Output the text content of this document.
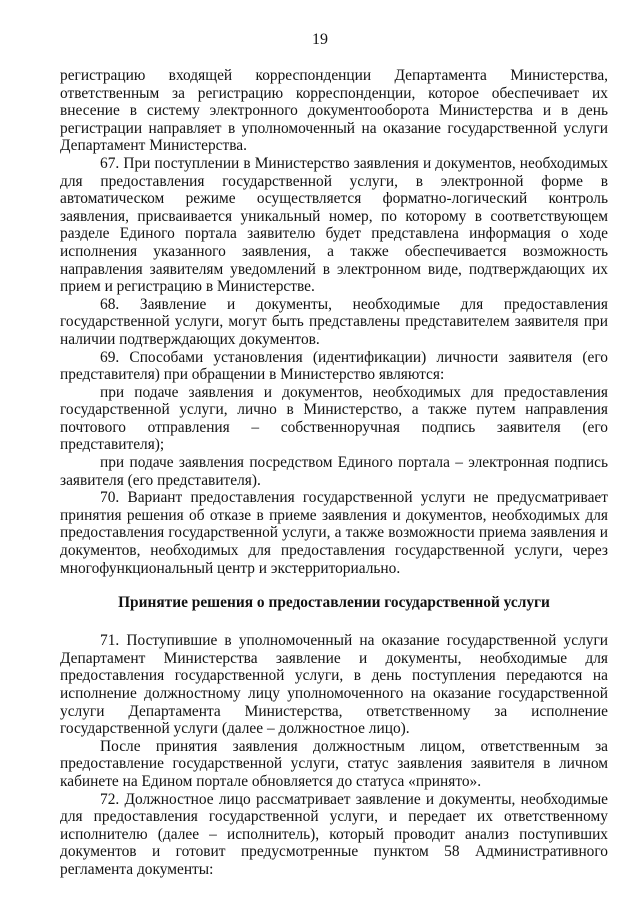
19

регистрацию входящей корреспонденции Департамента Министерства, ответственным за регистрацию корреспонденции, которое обеспечивает их внесение в систему электронного документооборота Министерства и в день регистрации направляет в уполномоченный на оказание государственной услуги Департамент Министерства.

67. При поступлении в Министерство заявления и документов, необходимых для предоставления государственной услуги, в электронной форме в автоматическом режиме осуществляется форматно-логический контроль заявления, присваивается уникальный номер, по которому в соответствующем разделе Единого портала заявителю будет представлена информация о ходе исполнения указанного заявления, а также обеспечивается возможность направления заявителям уведомлений в электронном виде, подтверждающих их прием и регистрацию в Министерстве.

68. Заявление и документы, необходимые для предоставления государственной услуги, могут быть представлены представителем заявителя при наличии подтверждающих документов.

69. Способами установления (идентификации) личности заявителя (его представителя) при обращении в Министерство являются:

при подаче заявления и документов, необходимых для предоставления государственной услуги, лично в Министерство, а также путем направления почтового отправления – собственноручная подпись заявителя (его представителя);

при подаче заявления посредством Единого портала – электронная подпись заявителя (его представителя).

70. Вариант предоставления государственной услуги не предусматривает принятия решения об отказе в приеме заявления и документов, необходимых для предоставления государственной услуги, а также возможности приема заявления и документов, необходимых для предоставления государственной услуги, через многофункциональный центр и экстерриториально.

Принятие решения о предоставлении государственной услуги

71. Поступившие в уполномоченный на оказание государственной услуги Департамент Министерства заявление и документы, необходимые для предоставления государственной услуги, в день поступления передаются на исполнение должностному лицу уполномоченного на оказание государственной услуги Департамента Министерства, ответственному за исполнение государственной услуги (далее – должностное лицо).

После принятия заявления должностным лицом, ответственным за предоставление государственной услуги, статус заявления заявителя в личном кабинете на Едином портале обновляется до статуса «принято».

72. Должностное лицо рассматривает заявление и документы, необходимые для предоставления государственной услуги, и передает их ответственному исполнителю (далее – исполнитель), который проводит анализ поступивших документов и готовит предусмотренные пунктом 58 Административного регламента документы:
